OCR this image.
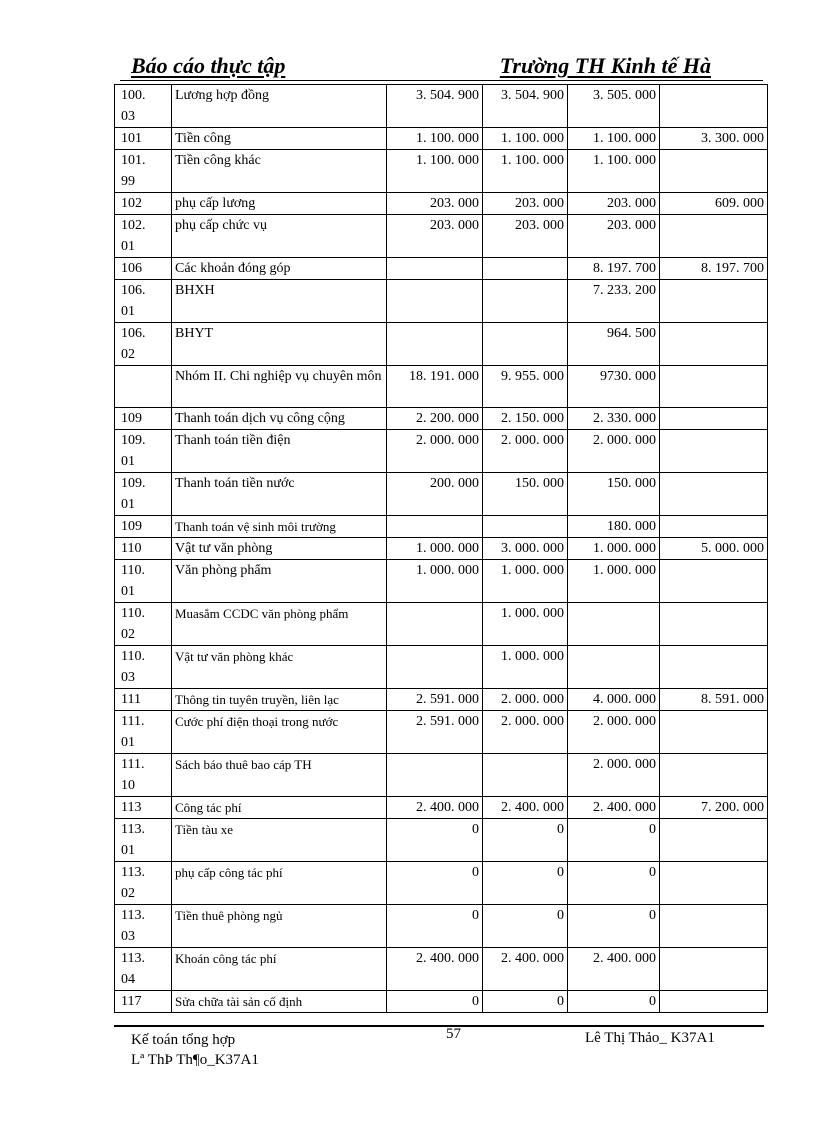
Báo cáo thực tập	Trường TH Kinh tế Hà
100.
03	Lương hợp đồng	3. 504. 900	3. 504. 900	3. 505. 000	
101	Tiền công	1. 100. 000	1. 100. 000	1. 100. 000	3. 300. 000
101.
99	Tiền công khác	1. 100. 000	1. 100. 000	1. 100. 000	
102	phụ cấp lương	203. 000	203. 000	203. 000	609. 000
102.
01	phụ cấp chức vụ	203. 000	203. 000	203. 000	
106	Các khoản đóng góp			8. 197. 700	8. 197. 700
106.
01	BHXH			7. 233. 200	
106.
02	BHYT			964. 500	
	Nhóm II. Chi nghiệp vụ chuyên môn	18. 191. 000	9. 955. 000	9730. 000	
109	Thanh toán dịch vụ công cộng	2. 200. 000	2. 150. 000	2. 330. 000	
109.
01	Thanh toán tiền điện	2. 000. 000	2. 000. 000	2. 000. 000	
109.
01	Thanh toán tiền nước	200. 000	150. 000	150. 000	
109	Thanh toán vệ sinh môi trường			180. 000	
110	Vật tư văn phòng	1. 000. 000	3. 000. 000	1. 000. 000	5. 000. 000
110.
01	Văn phòng phẩm	1. 000. 000	1. 000. 000	1. 000. 000	
110.
02	Muasắm CCDC văn phòng phẩm		1. 000. 000		
110.
03	Vật tư văn phòng khác		1. 000. 000		
111	Thông tin tuyên truyền, liên lạc	2. 591. 000	2. 000. 000	4. 000. 000	8. 591. 000
111.
01	Cước phí điện thoại trong nước	2. 591. 000	2. 000. 000	2. 000. 000	
111.
10	Sách báo thuê bao cáp TH			2. 000. 000	
113	Công tác phí	2. 400. 000	2. 400. 000	2. 400. 000	7. 200. 000
113.
01	Tiền tàu xe	0	0	0	
113.
02	phụ cấp công tác phí	0	0	0	
113.
03	Tiền thuê phòng ngủ	0	0	0	
113.
04	Khoán công tác phí	2. 400. 000	2. 400. 000	2. 400. 000	
117	Sửa chữa tài sản cố định	0	0	0	
Kế toán tổng hợp
Lª ThÞ Th¶o_K37A1
57	Lê Thị Thảo_ K37A1
